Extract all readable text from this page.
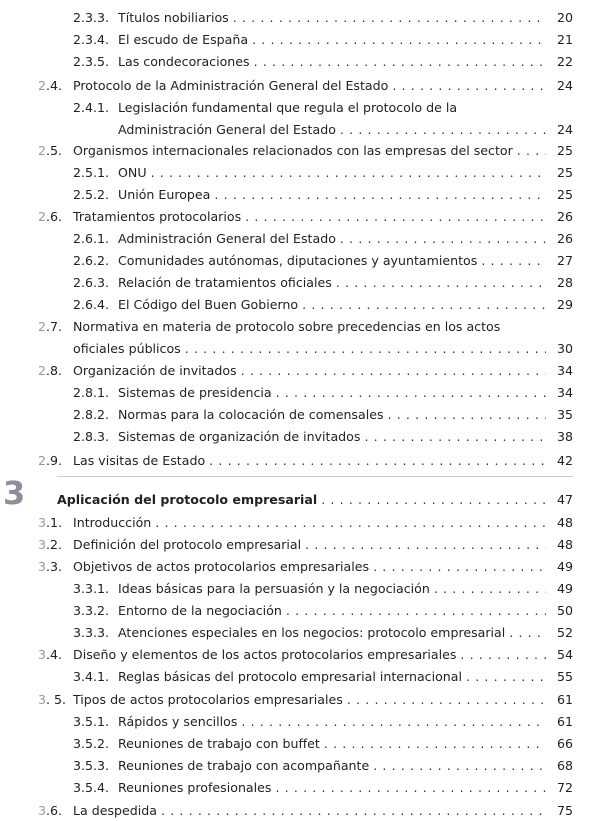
3
2.3.3. Títulos nobiliarios . . .	20
2.3.4. El escudo de España . . .	21
2.3.5. Las condecoraciones . . .	22
2.4. Protocolo de la Administración General del Estado . . .	24
2.4.1. Legislación fundamental que regula el protocolo de la
Administración General del Estado . . .	24
2.5. Organismos internacionales relacionados con las empresas del sector . . .	25
2.5.1. ONU . . .	25
2.5.2. Unión Europea . . .	25
2.6. Tratamientos protocolarios . . .	26
2.6.1. Administración General del Estado . . .	26
2.6.2. Comunidades autónomas, diputaciones y ayuntamientos . . .	27
2.6.3. Relación de tratamientos oficiales . . .	28
2.6.4. El Código del Buen Gobierno . . .	29
2.7. Normativa en materia de protocolo sobre precedencias en los actos
oficiales públicos . . .	30
2.8. Organización de invitados . . .	34
2.8.1. Sistemas de presidencia . . .	34
2.8.2. Normas para la colocación de comensales . . .	35
2.8.3. Sistemas de organización de invitados . . .	38
2.9. Las visitas de Estado . . .	42
Aplicación del protocolo empresarial . . .	47
3.1. Introducción . . .	48
3.2. Definición del protocolo empresarial . . .	48
3.3. Objetivos de actos protocolarios empresariales . . .	49
3.3.1. Ideas básicas para la persuasión y la negociación . . .	49
3.3.2. Entorno de la negociación . . .	50
3.3.3. Atenciones especiales en los negocios: protocolo empresarial . . .	52
3.4. Diseño y elementos de los actos protocolarios empresariales . . .	54
3.4.1. Reglas básicas del protocolo empresarial internacional . . .	55
3. 5. Tipos de actos protocolarios empresariales . . .	61
3.5.1. Rápidos y sencillos . . .	61
3.5.2. Reuniones de trabajo con buffet . . .	66
3.5.3. Reuniones de trabajo con acompañante . . .	68
3.5.4. Reuniones profesionales . . .	72
3.6. La despedida . . .	75
